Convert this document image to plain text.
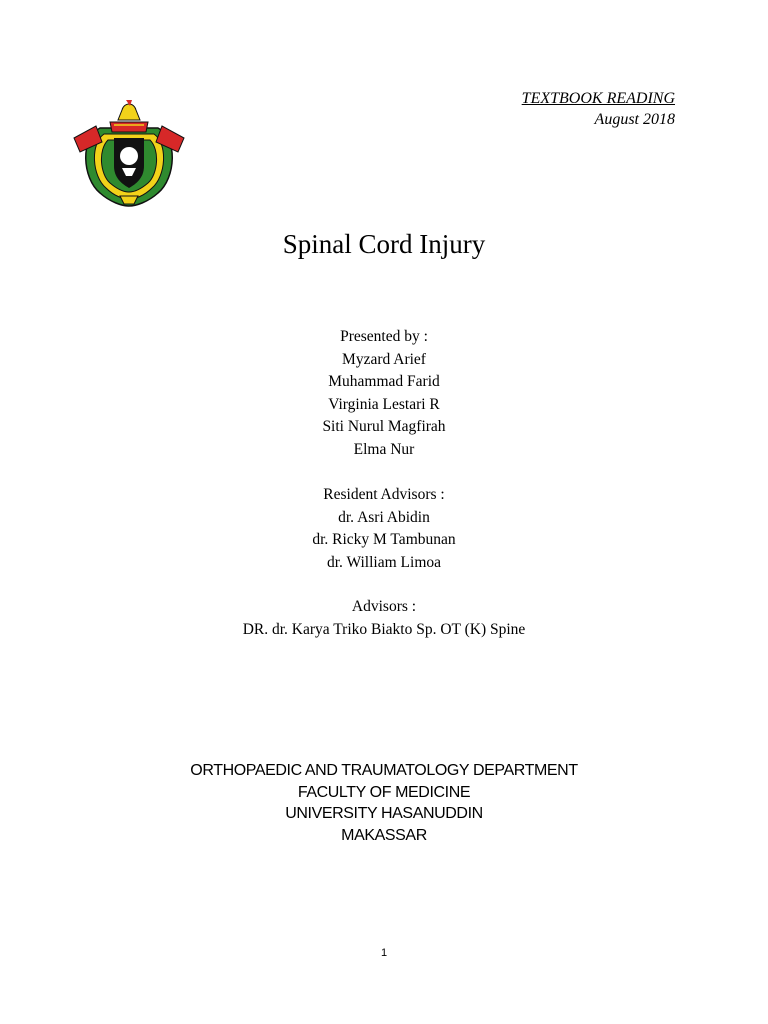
TEXTBOOK READING
August 2018
Spinal Cord Injury
Presented by :
Myzard Arief
Muhammad Farid
Virginia Lestari R
Siti Nurul Magfirah
Elma Nur
Resident Advisors :
dr. Asri Abidin
dr. Ricky M Tambunan
dr. William Limoa
Advisors :
DR. dr. Karya Triko Biakto Sp. OT (K) Spine
ORTHOPAEDIC AND TRAUMATOLOGY DEPARTMENT
FACULTY OF MEDICINE
UNIVERSITY HASANUDDIN
MAKASSAR
1
